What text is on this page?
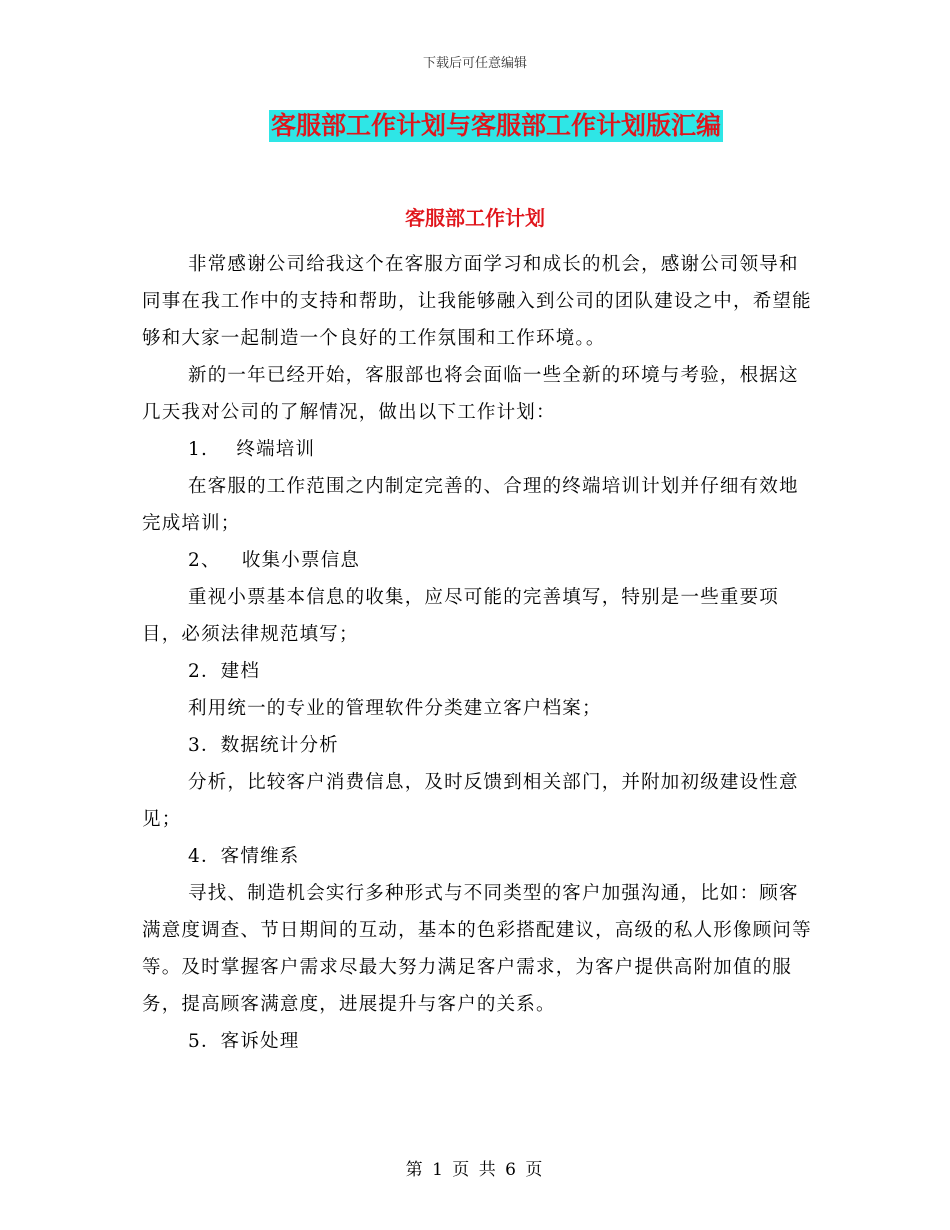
下载后可任意编辑
客服部工作计划与客服部工作计划版汇编
客服部工作计划

非常感谢公司给我这个在客服方面学习和成长的机会，感谢公司领导和同事在我工作中的支持和帮助，让我能够融入到公司的团队建设之中，希望能够和大家一起制造一个良好的工作氛围和工作环境。。

新的一年已经开始，客服部也将会面临一些全新的环境与考验，根据这几天我对公司的了解情况，做出以下工作计划：

1.    终端培训

在客服的工作范围之内制定完善的、合理的终端培训计划并仔细有效地完成培训；

2、   收集小票信息

重视小票基本信息的收集，应尽可能的完善填写，特别是一些重要项目，必须法律规范填写；

2．建档

利用统一的专业的管理软件分类建立客户档案；

3．数据统计分析

分析，比较客户消费信息，及时反馈到相关部门，并附加初级建设性意见；

4．客情维系

寻找、制造机会实行多种形式与不同类型的客户加强沟通，比如：顾客满意度调查、节日期间的互动，基本的色彩搭配建议，高级的私人形像顾问等等。及时掌握客户需求尽最大努力满足客户需求，为客户提供高附加值的服务，提高顾客满意度，进展提升与客户的关系。

5．客诉处理

第 1 页 共 6 页
